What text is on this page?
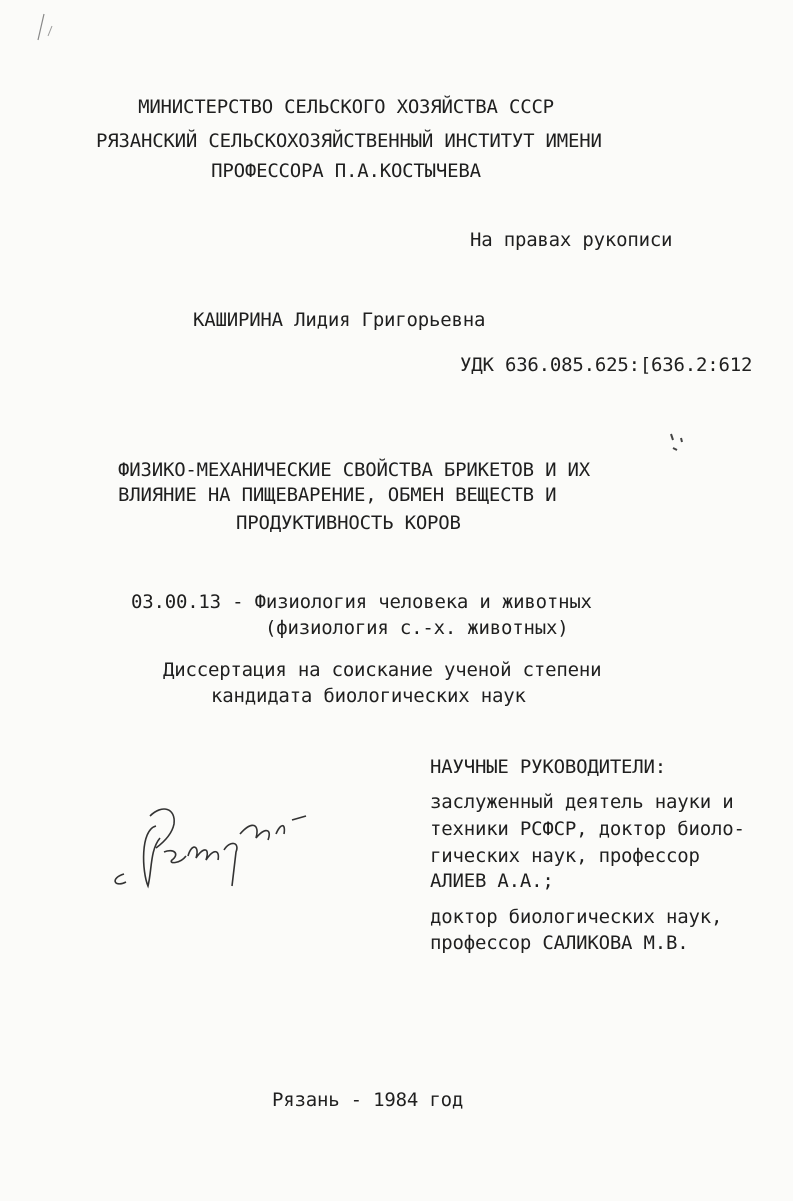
МИНИСТЕРСТВО СЕЛЬСКОГО ХОЗЯЙСТВА СССР

РЯЗАНСКИЙ СЕЛЬСКОХОЗЯЙСТВЕННЫЙ ИНСТИТУТ ИМЕНИ

ПРОФЕССОРА П.А.КОСТЫЧЕВА

На правах рукописи

КАШИРИНА Лидия Григорьевна

УДК 636.085.625:[636.2:612

ФИЗИКО-МЕХАНИЧЕСКИЕ СВОЙСТВА БРИКЕТОВ И ИХ

ВЛИЯНИЕ НА ПИЩЕВАРЕНИЕ, ОБМЕН ВЕЩЕСТВ И

ПРОДУКТИВНОСТЬ КОРОВ

03.00.13 - Физиология человека и животных

(физиология с.-х. животных)

Диссертация на соискание ученой степени

кандидата биологических наук

НАУЧНЫЕ РУКОВОДИТЕЛИ:

заслуженный деятель науки и

техники РСФСР, доктор биоло-

гических наук, профессор

АЛИЕВ А.А.;

доктор биологических наук,

профессор САЛИКОВА М.В.

Рязань - 1984 год
